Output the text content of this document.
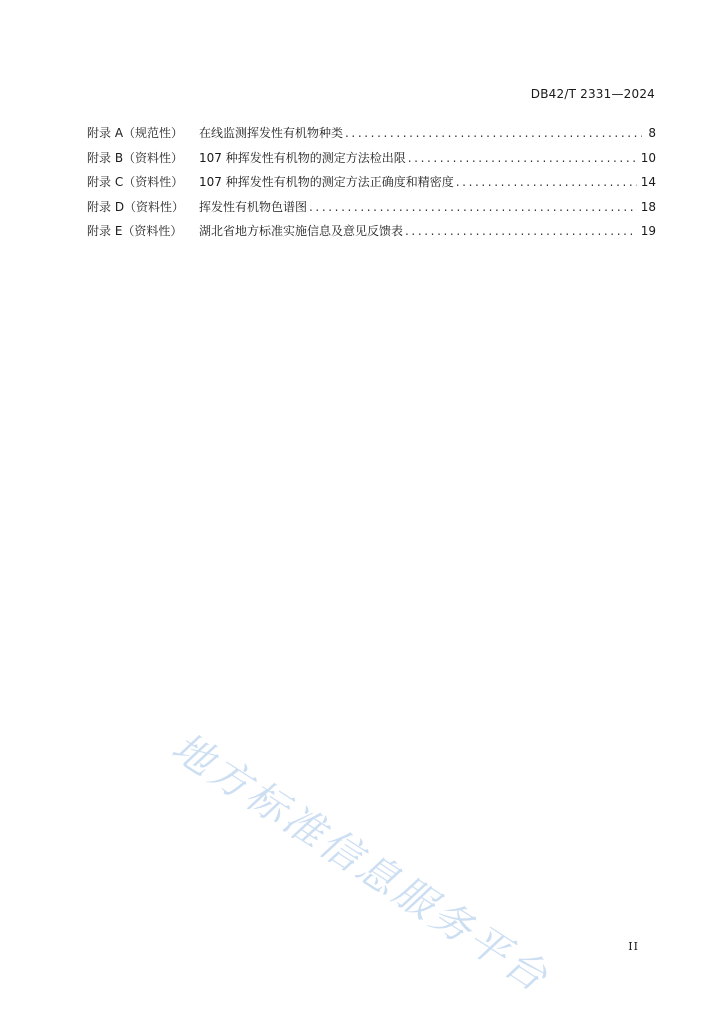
DB42/T 2331—2024
附录 A（规范性）	在线监测挥发性有机物种类 .....	8
附录 B（资料性）	107 种挥发性有机物的测定方法检出限 .....	10
附录 C（资料性）	107 种挥发性有机物的测定方法正确度和精密度 .....	14
附录 D（资料性）	挥发性有机物色谱图 .....	18
附录 E（资料性）	湖北省地方标准实施信息及意见反馈表 .....	19
地方标准信息服务平台	II
